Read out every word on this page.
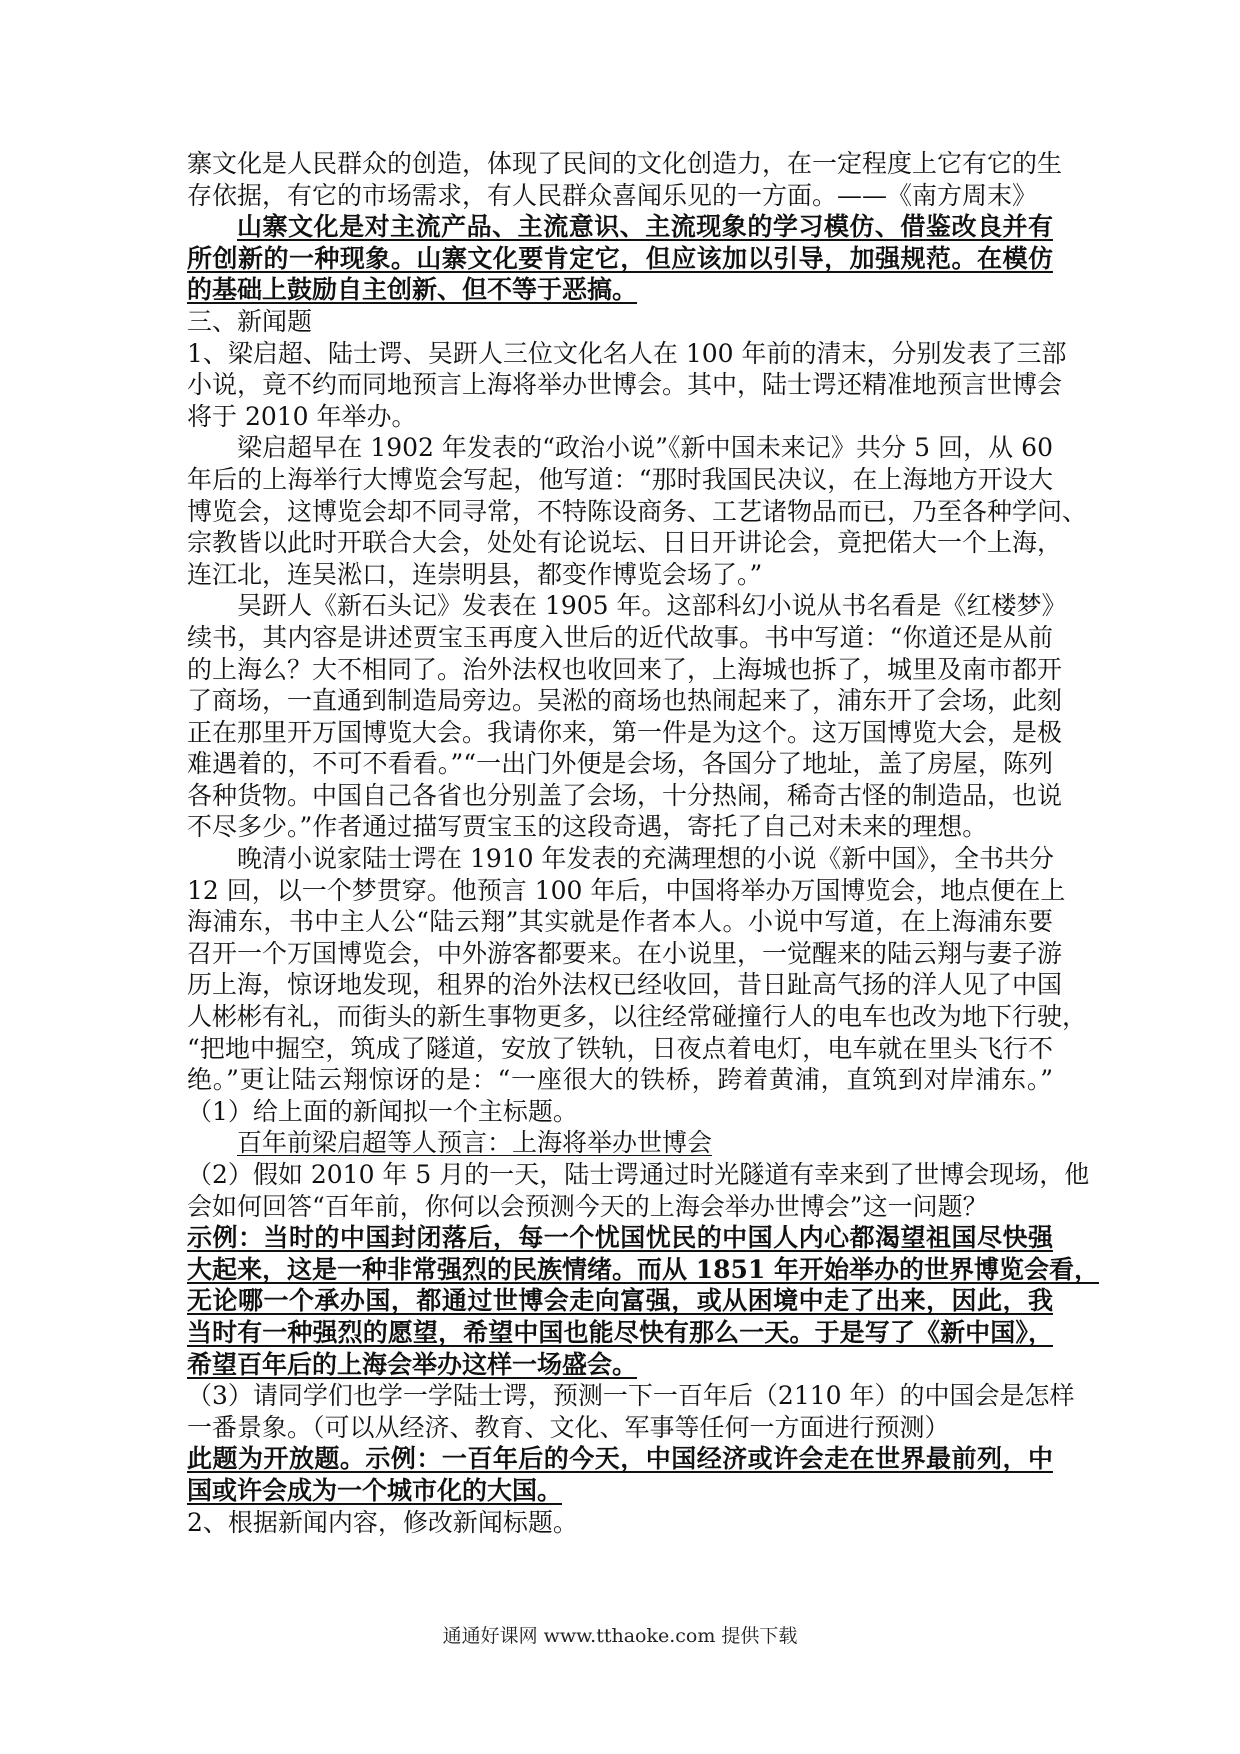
寨文化是人民群众的创造，体现了民间的文化创造力，在一定程度上它有它的生
存依据，有它的市场需求，有人民群众喜闻乐见的一方面。——《南方周末》
山寨文化是对主流产品、主流意识、主流现象的学习模仿、借鉴改良并有
所创新的一种现象。山寨文化要肯定它，但应该加以引导，加强规范。在模仿
的基础上鼓励自主创新、但不等于恶搞。
三、新闻题
1、梁启超、陆士谔、吴趼人三位文化名人在 100 年前的清末，分别发表了三部
小说，竟不约而同地预言上海将举办世博会。其中，陆士谔还精准地预言世博会
将于 2010 年举办。
梁启超早在 1902 年发表的“政治小说”《新中国未来记》共分 5 回，从 60
年后的上海举行大博览会写起，他写道：“那时我国民决议，在上海地方开设大
博览会，这博览会却不同寻常，不特陈设商务、工艺诸物品而已，乃至各种学问、
宗教皆以此时开联合大会，处处有论说坛、日日开讲论会，竟把偌大一个上海，
连江北，连吴淞口，连崇明县，都变作博览会场了。”
吴趼人《新石头记》发表在 1905 年。这部科幻小说从书名看是《红楼梦》
续书，其内容是讲述贾宝玉再度入世后的近代故事。书中写道：“你道还是从前
的上海么？大不相同了。治外法权也收回来了，上海城也拆了，城里及南市都开
了商场，一直通到制造局旁边。吴淞的商场也热闹起来了，浦东开了会场，此刻
正在那里开万国博览大会。我请你来，第一件是为这个。这万国博览大会，是极
难遇着的，不可不看看。”“一出门外便是会场，各国分了地址，盖了房屋，陈列
各种货物。中国自己各省也分别盖了会场，十分热闹，稀奇古怪的制造品，也说
不尽多少。”作者通过描写贾宝玉的这段奇遇，寄托了自己对未来的理想。
晚清小说家陆士谔在 1910 年发表的充满理想的小说《新中国》，全书共分
12 回，以一个梦贯穿。他预言 100 年后，中国将举办万国博览会，地点便在上
海浦东，书中主人公“陆云翔”其实就是作者本人。小说中写道，在上海浦东要
召开一个万国博览会，中外游客都要来。在小说里，一觉醒来的陆云翔与妻子游
历上海，惊讶地发现，租界的治外法权已经收回，昔日趾高气扬的洋人见了中国
人彬彬有礼，而街头的新生事物更多，以往经常碰撞行人的电车也改为地下行驶，
“把地中掘空，筑成了隧道，安放了铁轨，日夜点着电灯，电车就在里头飞行不
绝。”更让陆云翔惊讶的是：“一座很大的铁桥，跨着黄浦，直筑到对岸浦东。”
（1）给上面的新闻拟一个主标题。
百年前梁启超等人预言：上海将举办世博会
（2）假如 2010 年 5 月的一天，陆士谔通过时光隧道有幸来到了世博会现场，他
会如何回答“百年前，你何以会预测今天的上海会举办世博会”这一问题？
示例：当时的中国封闭落后，每一个忧国忧民的中国人内心都渴望祖国尽快强
大起来，这是一种非常强烈的民族情绪。而从 1851 年开始举办的世界博览会看，
无论哪一个承办国，都通过世博会走向富强，或从困境中走了出来，因此，我
当时有一种强烈的愿望，希望中国也能尽快有那么一天。于是写了《新中国》，
希望百年后的上海会举办这样一场盛会。
（3）请同学们也学一学陆士谔，预测一下一百年后（2110 年）的中国会是怎样
一番景象。（可以从经济、教育、文化、军事等任何一方面进行预测）
此题为开放题。示例：一百年后的今天，中国经济或许会走在世界最前列，中
国或许会成为一个城市化的大国。
2、根据新闻内容，修改新闻标题。
通通好课网 www.tthaoke.com 提供下载
